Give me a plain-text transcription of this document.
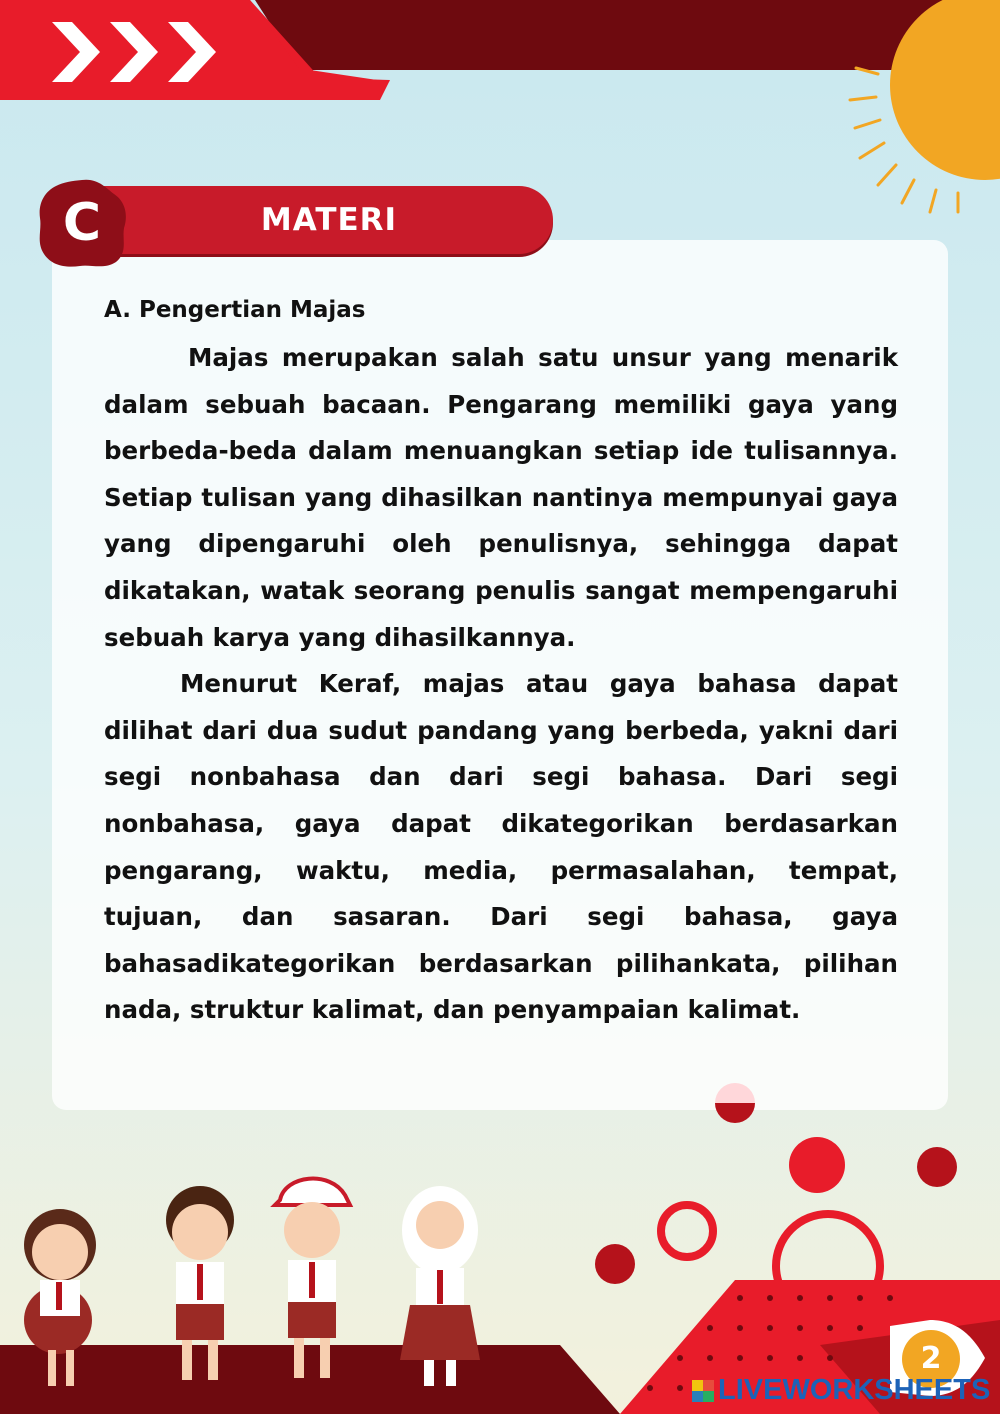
MATERI
C
A. Pengertian Majas

Majas merupakan salah satu unsur yang menarik dalam sebuah bacaan. Pengarang memiliki gaya yang berbeda-beda dalam menuangkan setiap ide tulisannya. Setiap tulisan yang dihasilkan nantinya mempunyai gaya yang dipengaruhi oleh penulisnya, sehingga dapat dikatakan, watak seorang penulis sangat mempengaruhi sebuah karya yang dihasilkannya.

Menurut Keraf, majas atau gaya bahasa dapat dilihat dari dua sudut pandang yang berbeda, yakni dari segi nonbahasa dan dari segi bahasa. Dari segi nonbahasa, gaya dapat dikategorikan berdasarkan pengarang, waktu, media, permasalahan, tempat, tujuan, dan sasaran. Dari segi bahasa, gaya bahasadikategorikan berdasarkan pilihankata, pilihan nada, struktur kalimat, dan penyampaian kalimat.

2
LIVEWORKSHEETS
